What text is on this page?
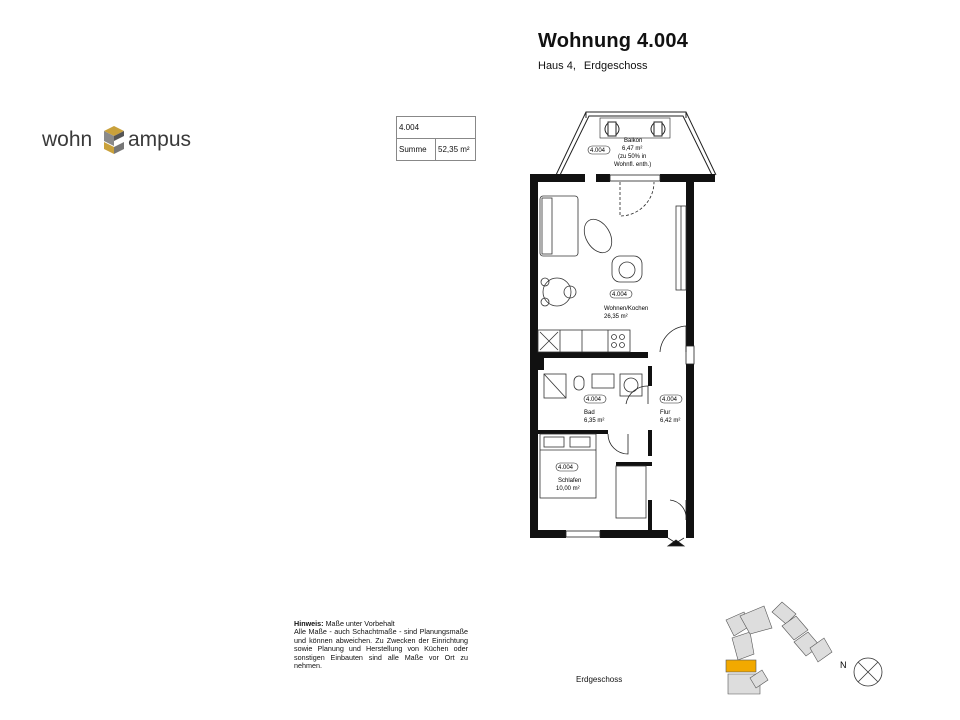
Wohnung 4.004
Haus 4, Erdgeschoss
wohn ampus
4.004
Summe	52,35 m²	4.004
Balkon
6,47 m²
(zu 50% in
Wohnfl. enth.)
4.004
Wohnen/Kochen
26,35 m²
4.004
Bad
6,35 m²
4.004
Flur
6,42 m²
4.004
Schlafen
10,00 m²
Hinweis: Maße unter Vorbehalt
Alle Maße - auch Schachtmaße - sind Planungsmaße und können abweichen. Zu Zwecken der Einrichtung sowie Planung und Herstellung von Küchen oder sonstigen Einbauten sind alle Maße vor Ort zu nehmen.	N
Erdgeschoss
